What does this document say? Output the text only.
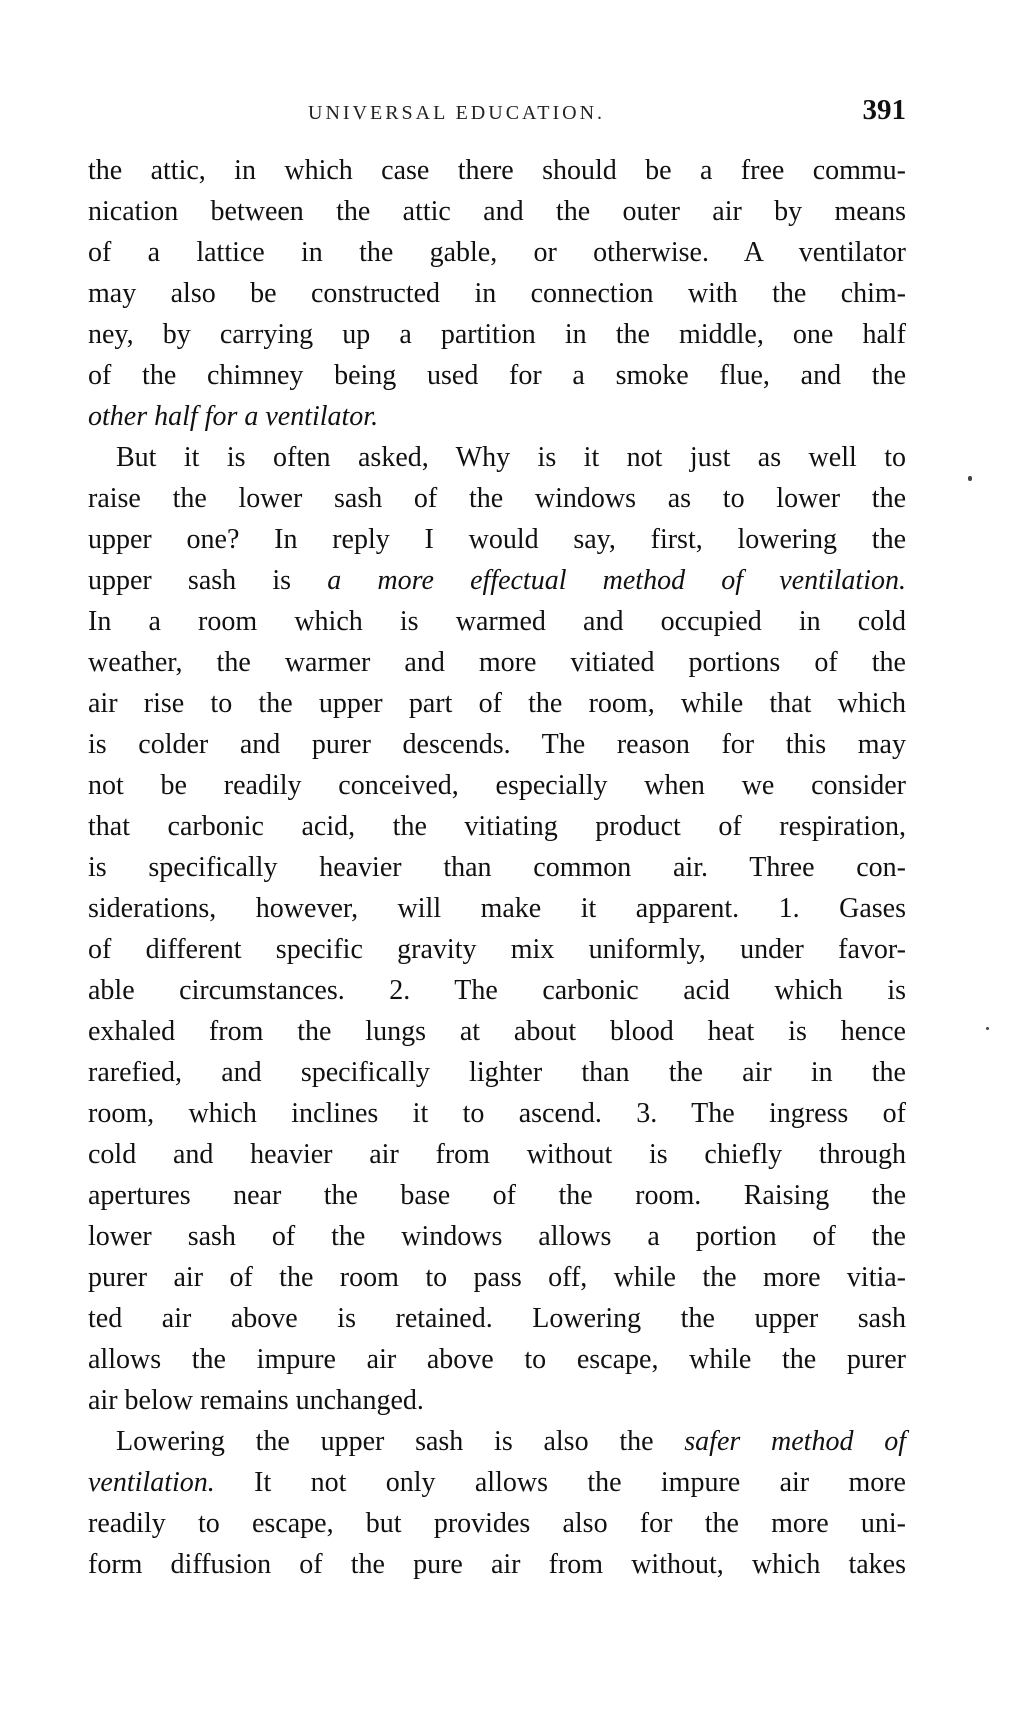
UNIVERSAL EDUCATION.	391
the attic, in which case there should be a free commu-
nication between the attic and the outer air by means
of a lattice in the gable, or otherwise. A ventilator
may also be constructed in connection with the chim-
ney, by carrying up a partition in the middle, one half
of the chimney being used for a smoke flue, and the
other half for a ventilator.
But it is often asked, Why is it not just as well to
raise the lower sash of the windows as to lower the
upper one? In reply I would say, first, lowering the
upper sash is a more effectual method of ventilation.
In a room which is warmed and occupied in cold
weather, the warmer and more vitiated portions of the
air rise to the upper part of the room, while that which
is colder and purer descends. The reason for this may
not be readily conceived, especially when we consider
that carbonic acid, the vitiating product of respiration,
is specifically heavier than common air. Three con-
siderations, however, will make it apparent. 1. Gases
of different specific gravity mix uniformly, under favor-
able circumstances. 2. The carbonic acid which is
exhaled from the lungs at about blood heat is hence
rarefied, and specifically lighter than the air in the
room, which inclines it to ascend. 3. The ingress of
cold and heavier air from without is chiefly through
apertures near the base of the room. Raising the
lower sash of the windows allows a portion of the
purer air of the room to pass off, while the more vitia-
ted air above is retained. Lowering the upper sash
allows the impure air above to escape, while the purer
air below remains unchanged.
Lowering the upper sash is also the safer method of
ventilation. It not only allows the impure air more
readily to escape, but provides also for the more uni-
form diffusion of the pure air from without, which takes
